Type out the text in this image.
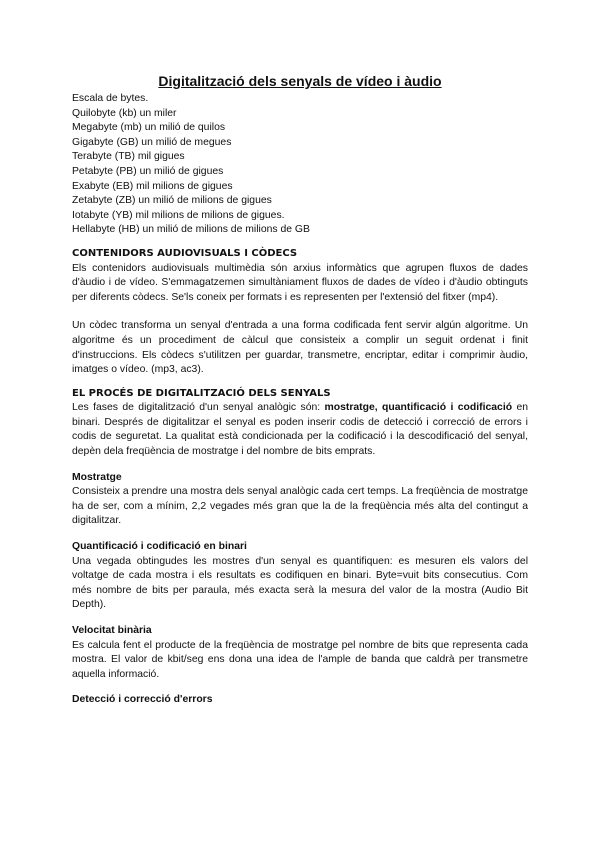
Digitalització dels senyals de vídeo i àudio
Escala de bytes.
Quilobyte (kb) un miler
Megabyte (mb) un milió de quilos
Gigabyte (GB) un milió de megues
Terabyte (TB) mil gigues
Petabyte (PB) un milió de gigues
Exabyte (EB) mil milions de gigues
Zetabyte (ZB) un milió de milions de gigues
Iotabyte (YB) mil milions de milions de gigues.
Hellabyte (HB) un milió de milions de milions de GB
CONTENIDORS AUDIOVISUALS I CÒDECS

Els contenidors audiovisuals multimèdia són arxius informàtics que agrupen fluxos de dades d'àudio i de vídeo. S'emmagatzemen simultàniament fluxos de dades de vídeo i d'àudio obtinguts per diferents còdecs. Se'ls coneix per formats i es representen per l'extensió del fitxer (mp4).

Un còdec transforma un senyal d'entrada a una forma codificada fent servir algún algoritme. Un algoritme és un procediment de càlcul que consisteix a complir un seguit ordenat i finit d'instruccions. Els còdecs s'utilitzen per guardar, transmetre, encriptar, editar i comprimir àudio, imatges o vídeo. (mp3, ac3).

EL PROCÉS DE DIGITALITZACIÓ DELS SENYALS

Les fases de digitalització d'un senyal analògic són: mostratge, quantificació i codificació en binari. Després de digitalitzar el senyal es poden inserir codis de detecció i correcció de errors i codis de seguretat. La qualitat està condicionada per la codificació i la descodificació del senyal, depèn dela freqüència de mostratge i del nombre de bits emprats.

Mostratge

Consisteix a prendre una mostra dels senyal analògic cada cert temps. La freqüència de mostratge ha de ser, com a mínim, 2,2 vegades més gran que la de la freqüència més alta del contingut a digitalitzar.

Quantificació i codificació en binari

Una vegada obtingudes les mostres d'un senyal es quantifiquen: es mesuren els valors del voltatge de cada mostra i els resultats es codifiquen en binari. Byte=vuit bits consecutius. Com més nombre de bits per paraula, més exacta serà la mesura del valor de la mostra (Audio Bit Depth).

Velocitat binària

Es calcula fent el producte de la freqüència de mostratge pel nombre de bits que representa cada mostra. El valor de kbit/seg ens dona una idea de l'ample de banda que caldrà per transmetre aquella informació.

Detecció i correcció d'errors
